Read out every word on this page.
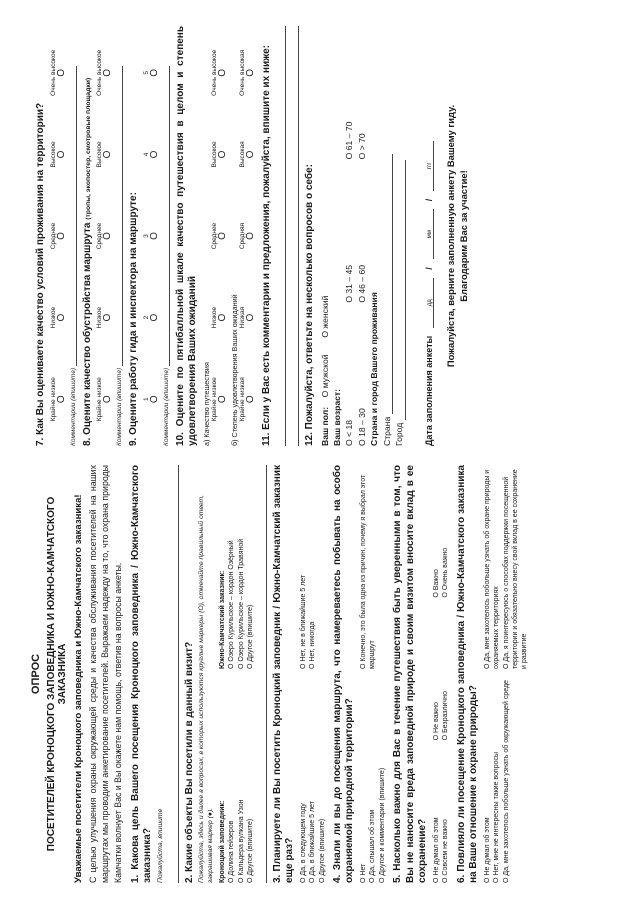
ОПРОС ПОСЕТИТЕЛЕЙ КРОНОЦКОГО ЗАПОВЕДНИКА И ЮЖНО-КАМЧАТСКОГО ЗАКАЗНИКА Уважаемые посетители Кроноцкого заповедника и Южно-Камчатского заказника! С целью улучшения охраны окружающей среды и качества обслуживания посетителей на наших маршрутах мы проводим анкетирование посетителей. Выражаем надежду на то, что охрана природы Камчатки волнует Вас и Вы окажете нам помощь, ответив на вопросы анкеты. 1. Какова цель Вашего посещения Кроноцкого заповедника / Южно-Камчатского заказника? Пожалуйста, впишите 2. Какие объекты Вы посетили в данный визит? Пожалуйста, здесь и далее в вопросах, в которых используются круглые маркеры (O), отмечайте правильный ответ, закрашивая маркер (●). Кроноцкий заповедник: O Долина гейзеров O Кальдера вулкана Узон O Другое (впишите)
Южно-Камчатский заказник: O Озеро Курильское – кордон Озёрный O Озеро Курильское – кордон Травяной O Другое (впишите) 3. Планируете ли Вы посетить Кроноцкий заповедник / Южно-Камчатский заказник еще раз? O Да, в следующем году O Да, в ближайшие 5 лет O Другое (впишите)
O Нет, не в ближайшие 5 лет O Нет, никогда 4. Знали ли вы до посещения маршрута, что намереваетесь побывать на особо охраняемой природной территории? O Нет O Да, слышал об этом O Другое и комментарии (впишите)
O Конечно, это была одна из причин, почему я выбрал этот маршрут 5. Насколько важно для Вас в течение путешествия быть уверенными в том, что Вы не наносите вреда заповедной природе и своим визитом вносите вклад в ее сохранение? O Не думал об этом O Совсем не важно
O Не важно O Безразлично
O Важно O Очень важно 6. Повлияло ли посещение Кроноцкого заповедника / Южно-Камчатского заказника на Ваше отношение к охране природы? O Не думал об этом O Нет, мне не интересны такие вопросы O Да, мне захотелось побольше узнать об окружающей среде
O Да, мне захотелось побольше узнать об охране природы и охраняемых территориях O Да, я поинтересуюсь о способах поддержки посещенной территории и обязательно внесу свой вклад в ее сохранение и развитие
7. Как Вы оцениваете качество условий проживания на территории? Крайне низкое O
Низкое O
Среднее O
Высокое O
Очень высокое O
Комментарии (впишите) 8. Оцените качество обустройства маршрута (тропы, экопостер, смотровые площадки)
Крайне низкое O
Низкое O
Среднее O
Высокое O
Очень высокое O
Комментарии (впишите) 9. Оцените работу гида и инспектора на маршруте: 1 O
2 O
3 O
4 O
5 O
Комментарии (впишите) 10. Оцените по пятибалльной шкале качество путешествия в целом и степень удовлетворения Ваших ожиданий а) Качество путешествия Крайне низкое O
Низкое O
Среднее O
Высокое O
Очень высокое O
б) Степень удовлетворения Ваших ожиданий Крайне низкая O
Низкая O
Средняя O
Высокая O
Очень высокая O 11. Если у Вас есть комментарии и предложения, пожалуйста, впишите их ниже:	12. Пожалуйста, ответьте на несколько вопросов о себе: Ваш пол:    O мужской       O женский
Ваш возраст: O < 18 O 18 – 30
O 31 – 45 O 46 – 60
O 61 – 70 O > 70
Страна и город Вашего проживания Страна Город Дата заполнения анкеты
дд
/
мм
/
ггг Пожалуйста, верните заполненную анкету Вашему гиду. Благодарим Вас за участие!
